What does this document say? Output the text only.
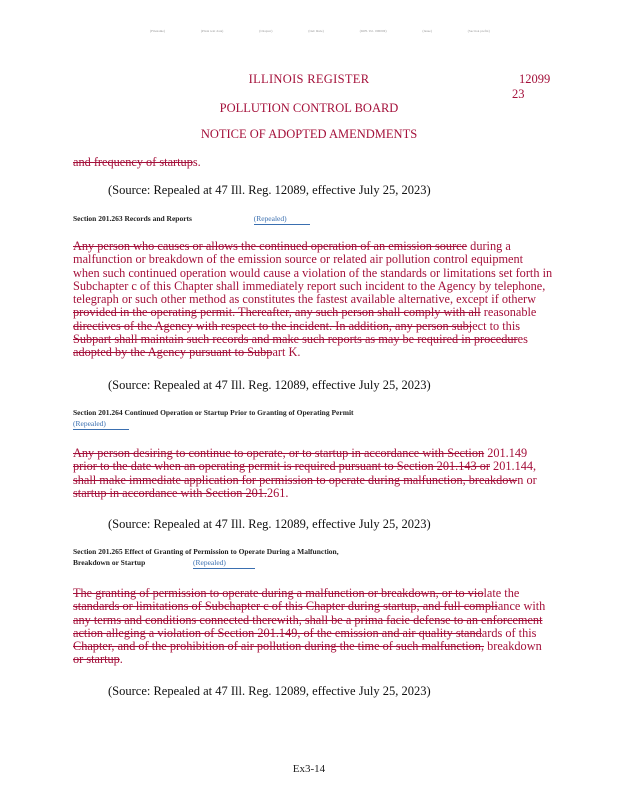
(Filename)	(Plain text data)	(Chapter)	(IAC Rule)	(IOH. Vol. 000000)	(Issue)	(Section prefix)
ILLINOIS REGISTER	12099
23
POLLUTION CONTROL BOARD
NOTICE OF ADOPTED AMENDMENTS
and frequency of startups.
(Source: Repealed at 47 Ill. Reg. 12089, effective July 25, 2023)
Section 201.263 Records and Reports	(Repealed)
Any person who causes or allows the continued operation of an emission source during a
malfunction or breakdown of the emission source or related air pollution control equipment
when such continued operation would cause a violation of the standards or limitations set forth in
Subchapter c of this Chapter shall immediately report such incident to the Agency by telephone,
telegraph or such other method as constitutes the fastest available alternative, except if otherw
provided in the operating permit. Thereafter, any such person shall comply with all reasonable
directives of the Agency with respect to the incident. In addition, any person subject to this
Subpart shall maintain such records and make such reports as may be required in procedures
adopted by the Agency pursuant to Subpart K.
(Source: Repealed at 47 Ill. Reg. 12089, effective July 25, 2023)
Section 201.264 Continued Operation or Startup Prior to Granting of Operating Permit
(Repealed)
Any person desiring to continue to operate, or to startup in accordance with Section 201.149
prior to the date when an operating permit is required pursuant to Section 201.143 or 201.144,
shall make immediate application for permission to operate during malfunction, breakdown or
startup in accordance with Section 201.261.
(Source: Repealed at 47 Ill. Reg. 12089, effective July 25, 2023)
Section 201.265 Effect of Granting of Permission to Operate During a Malfunction,
Breakdown or Startup	(Repealed)
The granting of permission to operate during a malfunction or breakdown, or to violate the
standards or limitations of Subchapter c of this Chapter during startup, and full compliance with
any terms and conditions connected therewith, shall be a prima facie defense to an enforcement
action alleging a violation of Section 201.149, of the emission and air quality standards of this
Chapter, and of the prohibition of air pollution during the time of such malfunction, breakdown
or startup.
(Source: Repealed at 47 Ill. Reg. 12089, effective July 25, 2023)
Ex3-14
